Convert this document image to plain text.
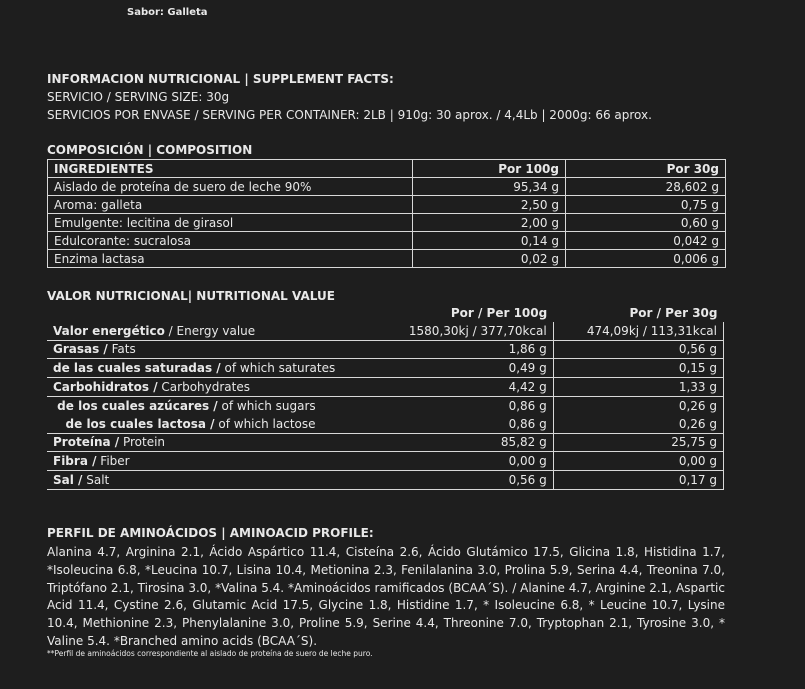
Sabor: Galleta
INFORMACION NUTRICIONAL | SUPPLEMENT FACTS:
SERVICIO / SERVING SIZE: 30g
SERVICIOS POR ENVASE / SERVING PER CONTAINER: 2LB | 910g: 30 aprox. / 4,4Lb | 2000g: 66 aprox.
COMPOSICIÓN | COMPOSITION
INGREDIENTES	Por 100g	Por 30g
Aislado de proteína de suero de leche 90%	95,34 g	28,602 g
Aroma: galleta	2,50 g	0,75 g
Emulgente: lecitina de girasol	2,00 g	0,60 g
Edulcorante: sucralosa	0,14 g	0,042 g
Enzima lactasa	0,02 g	0,006 g
VALOR NUTRICIONAL| NUTRITIONAL VALUE
	Por / Per 100g	Por / Per 30g
Valor energético / Energy value	1580,30kj / 377,70kcal	474,09kj / 113,31kcal
Grasas / Fats	1,86 g	0,56 g
de las cuales saturadas / of which saturates	0,49 g	0,15 g
Carbohidratos / Carbohydrates	4,42 g	1,33 g
de los cuales azúcares / of which sugars	0,86 g	0,26 g
de los cuales lactosa / of which lactose	0,86 g	0,26 g
Proteína / Protein	85,82 g	25,75 g
Fibra / Fiber	0,00 g	0,00 g
Sal / Salt	0,56 g	0,17 g
PERFIL DE AMINOÁCIDOS | AMINOACID PROFILE:
Alanina 4.7, Arginina 2.1, Ácido Aspártico 11.4, Cisteína 2.6, Ácido Glutámico 17.5, Glicina 1.8, Histidina 1.7, *Isoleucina 6.8, *Leucina 10.7, Lisina 10.4, Metionina 2.3, Fenilalanina 3.0, Prolina 5.9, Serina 4.4, Treonina 7.0, Triptófano 2.1, Tirosina 3.0, *Valina 5.4. *Aminoácidos ramificados (BCAA´S). / Alanine 4.7, Arginine 2.1, Aspartic Acid 11.4, Cystine 2.6, Glutamic Acid 17.5, Glycine 1.8, Histidine 1.7, * Isoleucine 6.8, * Leucine 10.7, Lysine 10.4, Methionine 2.3, Phenylalanine 3.0, Proline 5.9, Serine 4.4, Threonine 7.0, Tryptophan 2.1, Tyrosine 3.0, * Valine 5.4. *Branched amino acids (BCAA´S).
**Perfil de aminoácidos correspondiente al aislado de proteína de suero de leche puro.
